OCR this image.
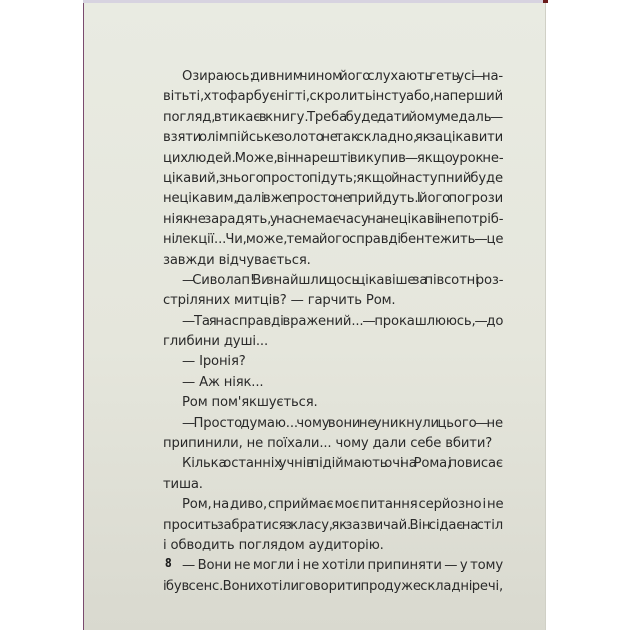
Озираюсь: дивним чином його слухають геть усі — на-
віть ті, хто фарбує нігті, скролить інсту або, на перший
погляд, втикає в книгу. Треба буде дати йому медаль —
взяти олімпійське золото не так складно, як зацікавити
цих людей. Може, він нарешті викупив — якщо урок не-
цікавий, з нього просто підуть; якщо й наступний буде
нецікавим, далі вже просто не прийдуть. І його погрози
ніяк не зарадять, у нас немає часу на нецікаві і непотріб-
ні лекції... Чи, може, тема його справді бентежить — це
завжди відчувається.
— Сиволап! Ви знайшли щось цікавіше за півсотні роз-
стріляних митців? — гарчить Ром.
— Та я насправді вражений... — прокашлююсь, — до
глибини душі...
— Іронія?
— Аж ніяк...
Ром пом'якшується.
— Просто думаю... чому вони не уникнули цього — не
припинили, не поїхали... чому дали себе вбити?
Кілька останніх учнів підіймають очі на Рома, і повисає
тиша.
Ром, на диво, сприймає моє питання серйозно і не
просить забратися з класу, як зазвичай. Він сідає на стіл
і обводить поглядом аудиторію.
— Вони не могли і не хотіли припиняти — у тому
і був сенс. Вони хотіли говорити про дуже складні речі,
8
